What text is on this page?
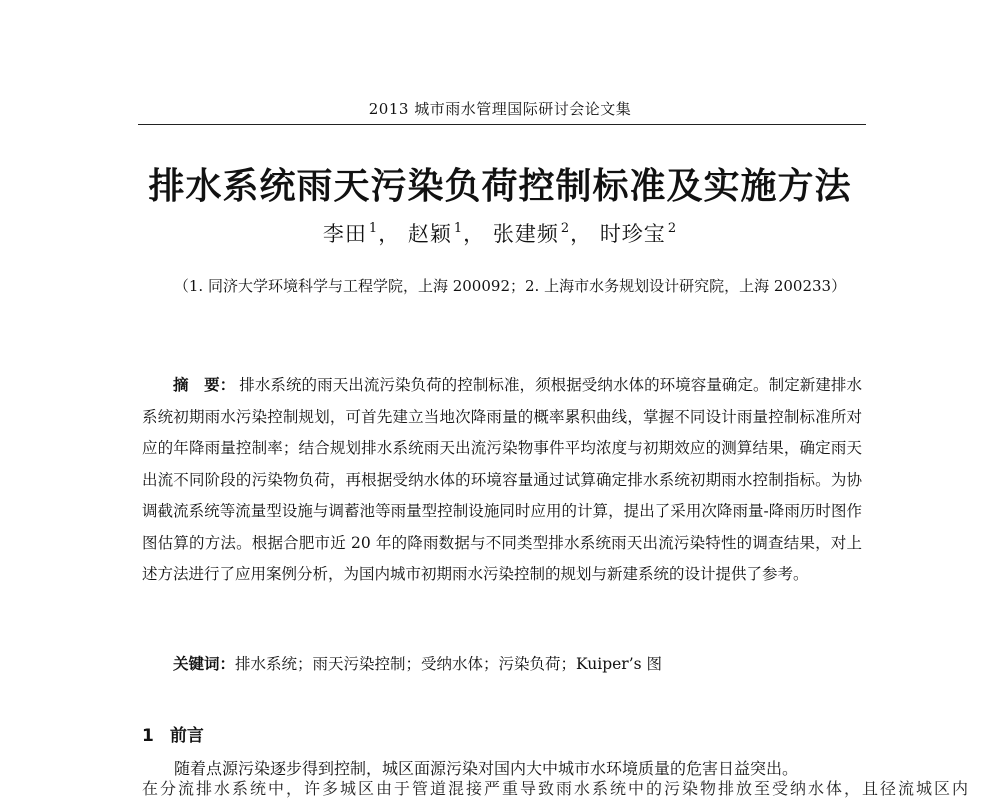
2013 城市雨水管理国际研讨会论文集
排水系统雨天污染负荷控制标准及实施方法
李田 $^1$， 赵颖 $^1$， 张建频 $^2$， 时珍宝 $^2$
（1. 同济大学环境科学与工程学院，上海 200092；2. 上海市水务规划设计研究院，上海 200233）
摘　要： 排水系统的雨天出流污染负荷的控制标准，须根据受纳水体的环境容量确定。制定新建排水系统初期雨水污染控制规划，可首先建立当地次降雨量的概率累积曲线，掌握不同设计雨量控制标准所对应的年降雨量控制率；结合规划排水系统雨天出流污染物事件平均浓度与初期效应的测算结果，确定雨天出流不同阶段的污染物负荷，再根据受纳水体的环境容量通过试算确定排水系统初期雨水控制指标。为协调截流系统等流量型设施与调蓄池等雨量型控制设施同时应用的计算，提出了采用次降雨量-降雨历时图作图估算的方法。根据合肥市近 20 年的降雨数据与不同类型排水系统雨天出流污染特性的调查结果，对上述方法进行了应用案例分析，为国内城市初期雨水污染控制的规划与新建系统的设计提供了参考。
关键词：排水系统；雨天污染控制；受纳水体；污染负荷；Kuiper’s 图
1 前言
随着点源污染逐步得到控制，城区面源污染对国内大中城市水环境质量的危害日益突出。
在分流排水系统中，许多城区由于管道混接严重导致雨水系统中的污染物排放至受纳水体，且径流城区内
